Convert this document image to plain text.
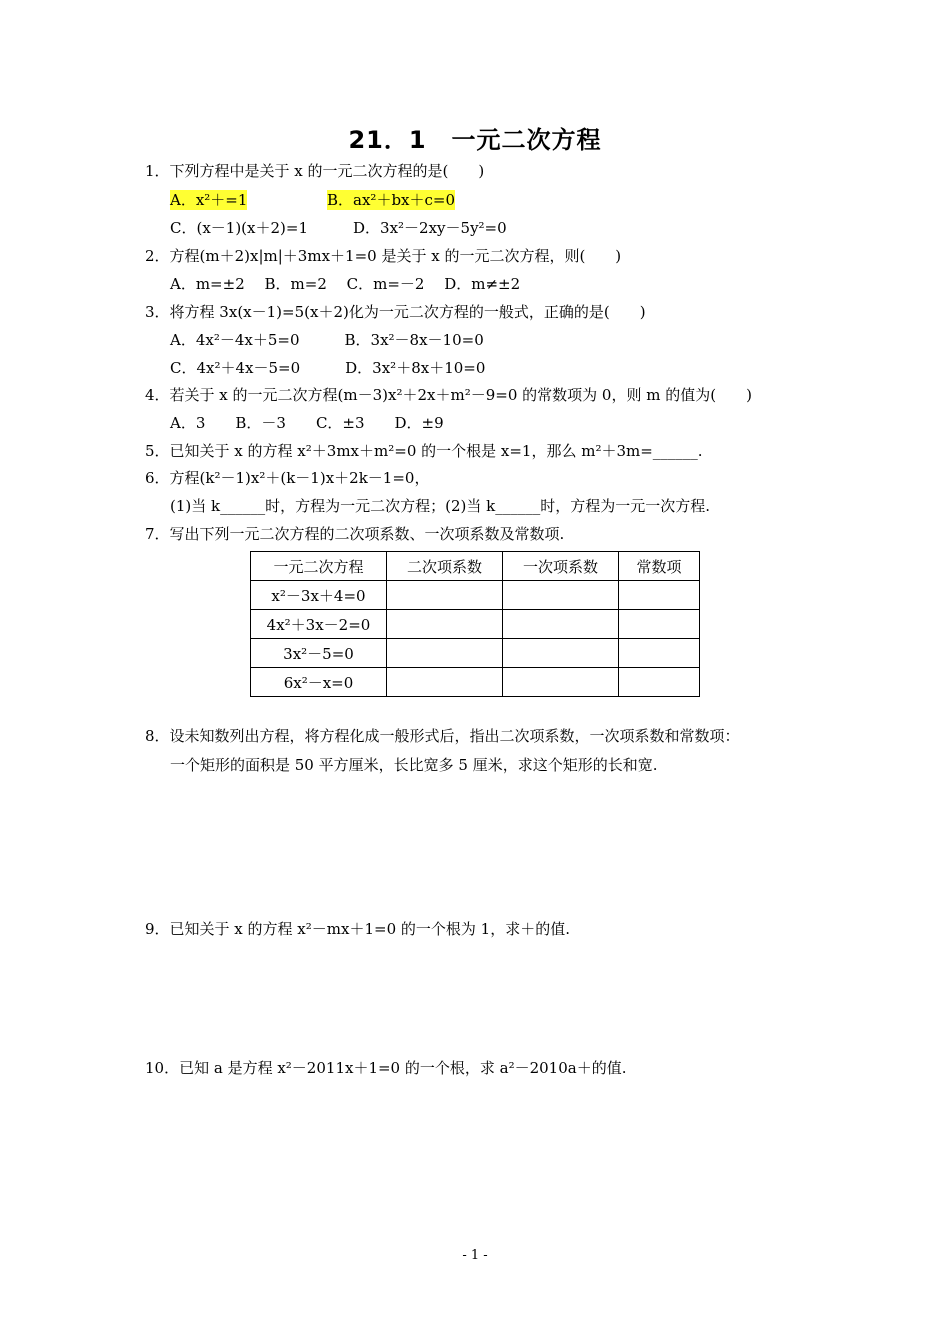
21．1　一元二次方程
1．下列方程中是关于 x 的一元二次方程的是(　　)
A．x²＋=1	B．ax²＋bx＋c=0
C．(x－1)(x＋2)=1　　　D．3x²－2xy－5y²=0
2．方程(m＋2)x|m|＋3mx＋1=0 是关于 x 的一元二次方程，则(　　)
A．m=±2　 B．m=2　 C．m=－2　 D．m≠±2
3．将方程 3x(x－1)=5(x＋2)化为一元二次方程的一般式，正确的是(　　)
A．4x²－4x＋5=0　　　B．3x²－8x－10=0
C．4x²＋4x－5=0　　　D．3x²＋8x＋10=0
4．若关于 x 的一元二次方程(m－3)x²＋2x＋m²－9=0 的常数项为 0，则 m 的值为(　　)
A．3　　B．－3　　C．±3　　D．±9
5．已知关于 x 的方程 x²＋3mx＋m²=0 的一个根是 x=1，那么 m²＋3m=______.
6．方程(k²－1)x²＋(k－1)x＋2k－1=0，
(1)当 k______时，方程为一元二次方程；(2)当 k______时，方程为一元一次方程.
7．写出下列一元二次方程的二次项系数、一次项系数及常数项.
一元二次方程	二次项系数	一次项系数	常数项
x²－3x＋4=0			
4x²＋3x－2=0			
3x²－5=0			
6x²－x=0			
8．设未知数列出方程，将方程化成一般形式后，指出二次项系数，一次项系数和常数项：
一个矩形的面积是 50 平方厘米，长比宽多 5 厘米，求这个矩形的长和宽.
9．已知关于 x 的方程 x²－mx＋1=0 的一个根为 1，求＋的值.
10．已知 a 是方程 x²－2011x＋1=0 的一个根，求 a²－2010a＋的值.
- 1 -
